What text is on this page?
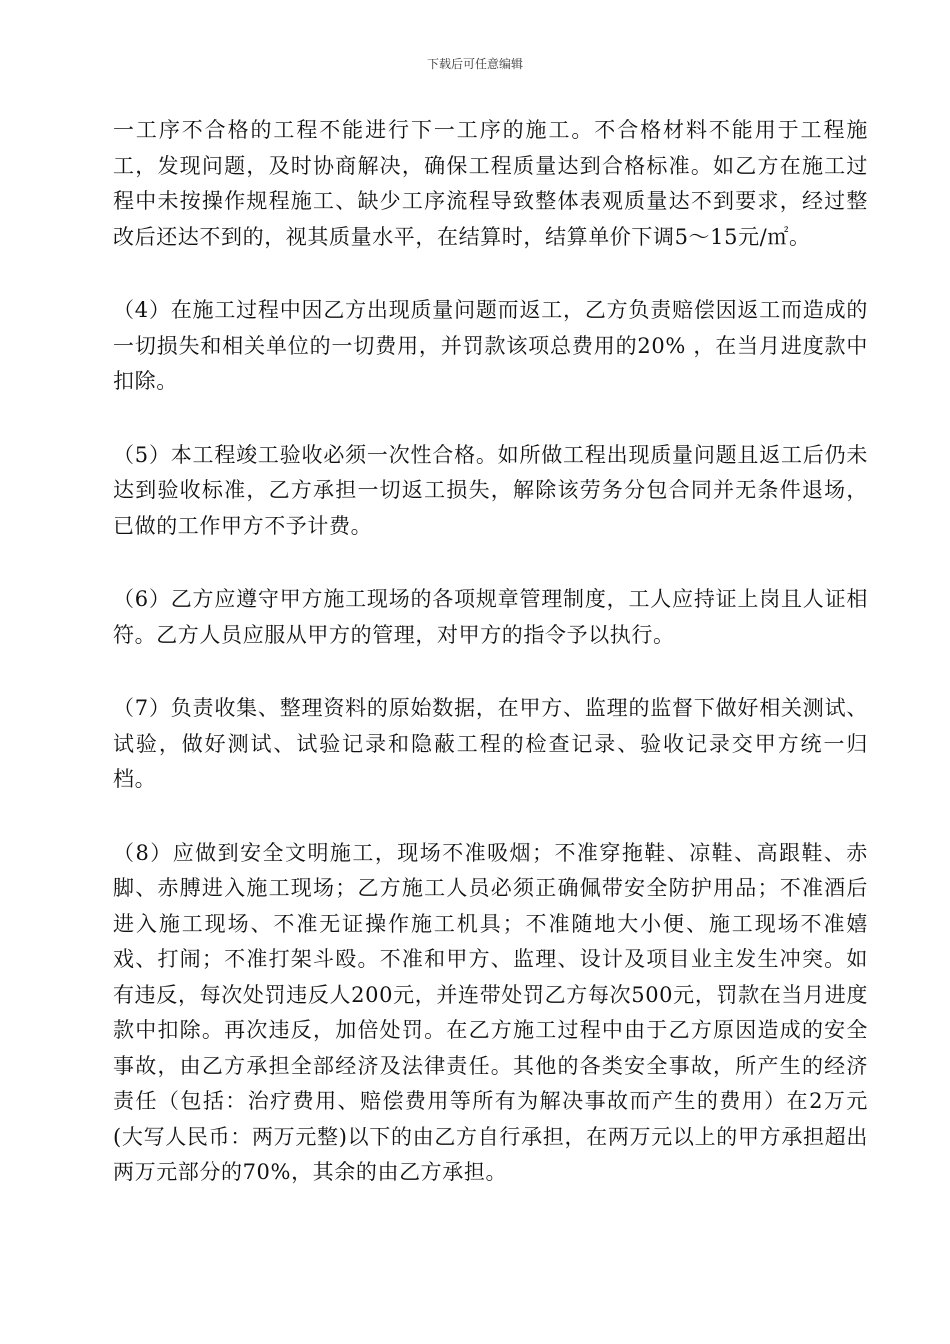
下载后可任意编辑

一工序不合格的工程不能进行下一工序的施工。不合格材料不能用于工程施工，发现问题，及时协商解决，确保工程质量达到合格标准。如乙方在施工过程中未按操作规程施工、缺少工序流程导致整体表观质量达不到要求，经过整改后还达不到的，视其质量水平，在结算时，结算单价下调5～15元/㎡。

（4）在施工过程中因乙方出现质量问题而返工，乙方负责赔偿因返工而造成的一切损失和相关单位的一切费用，并罚款该项总费用的20% ，在当月进度款中扣除。

（5）本工程竣工验收必须一次性合格。如所做工程出现质量问题且返工后仍未达到验收标准，乙方承担一切返工损失，解除该劳务分包合同并无条件退场，已做的工作甲方不予计费。

（6）乙方应遵守甲方施工现场的各项规章管理制度，工人应持证上岗且人证相符。乙方人员应服从甲方的管理，对甲方的指令予以执行。

（7）负责收集、整理资料的原始数据，在甲方、监理的监督下做好相关测试、试验，做好测试、试验记录和隐蔽工程的检查记录、验收记录交甲方统一归档。

（8）应做到安全文明施工，现场不准吸烟；不准穿拖鞋、凉鞋、高跟鞋、赤脚、赤膊进入施工现场；乙方施工人员必须正确佩带安全防护用品；不准酒后进入施工现场、不准无证操作施工机具；不准随地大小便、施工现场不准嬉戏、打闹；不准打架斗殴。不准和甲方、监理、设计及项目业主发生冲突。如有违反，每次处罚违反人200元，并连带处罚乙方每次500元，罚款在当月进度款中扣除。再次违反，加倍处罚。在乙方施工过程中由于乙方原因造成的安全事故，由乙方承担全部经济及法律责任。其他的各类安全事故，所产生的经济责任（包括：治疗费用、赔偿费用等所有为解决事故而产生的费用）在2万元(大写人民币：两万元整)以下的由乙方自行承担，在两万元以上的甲方承担超出两万元部分的70%，其余的由乙方承担。
